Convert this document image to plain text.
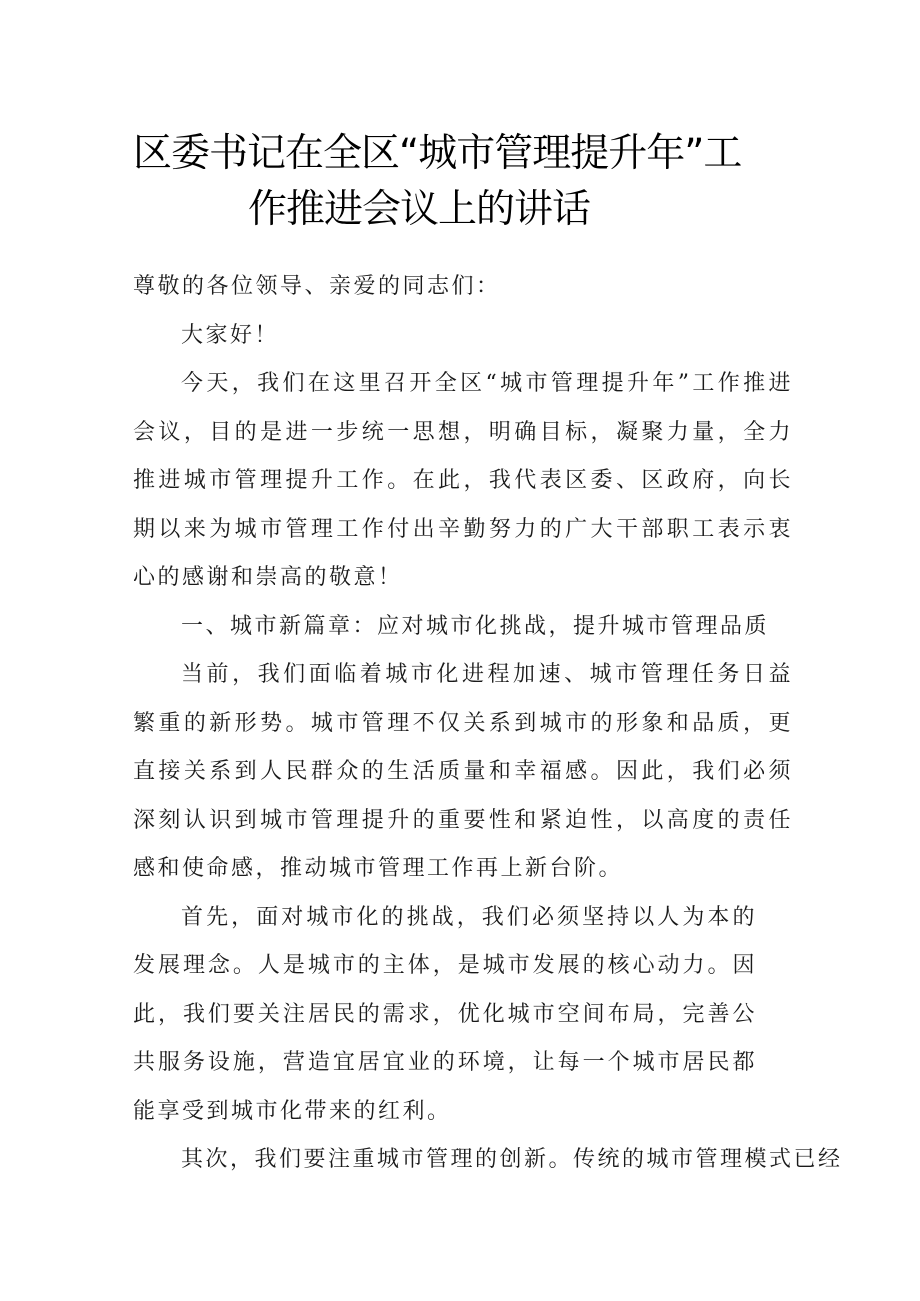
区委书记在全区“城市管理提升年”工
作推进会议上的讲话

尊敬的各位领导、亲爱的同志们：

大家好！

今天，我们在这里召开全区“城市管理提升年”工作推进会议，目的是进一步统一思想，明确目标，凝聚力量，全力推进城市管理提升工作。在此，我代表区委、区政府，向长期以来为城市管理工作付出辛勤努力的广大干部职工表示衷心的感谢和崇高的敬意！

一、城市新篇章：应对城市化挑战，提升城市管理品质

当前，我们面临着城市化进程加速、城市管理任务日益繁重的新形势。城市管理不仅关系到城市的形象和品质，更直接关系到人民群众的生活质量和幸福感。因此，我们必须深刻认识到城市管理提升的重要性和紧迫性，以高度的责任感和使命感，推动城市管理工作再上新台阶。

首先，面对城市化的挑战，我们必须坚持以人为本的发展理念。人是城市的主体，是城市发展的核心动力。因此，我们要关注居民的需求，优化城市空间布局，完善公共服务设施，营造宜居宜业的环境，让每一个城市居民都能享受到城市化带来的红利。

其次，我们要注重城市管理的创新。传统的城市管理模式已经
